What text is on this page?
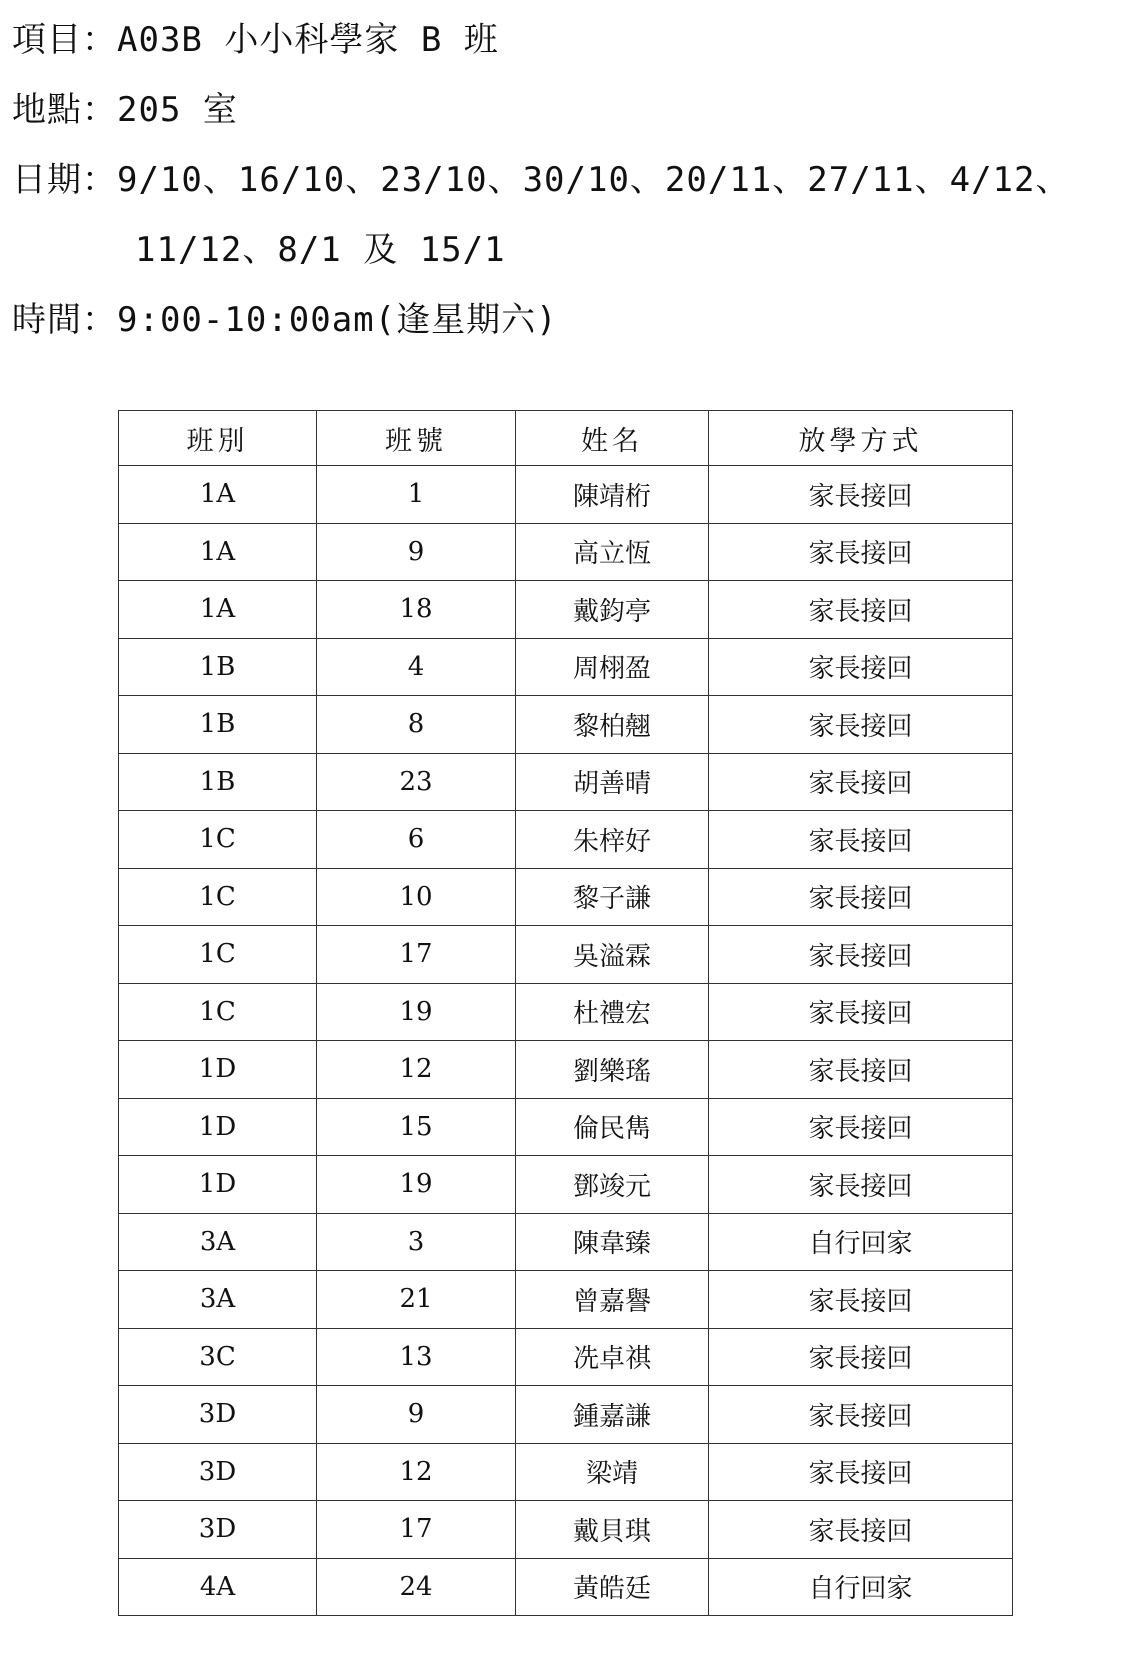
項目：A03B 小小科學家 B 班
地點：205 室
日期：9/10、16/10、23/10、30/10、20/11、27/11、4/12、
11/12、8/1 及 15/1
時間：9:00-10:00am(逢星期六)
班別	班號	姓名	放學方式
1A	1	陳靖桁	家長接回
1A	9	高立恆	家長接回
1A	18	戴鈞亭	家長接回
1B	4	周栩盈	家長接回
1B	8	黎柏翹	家長接回
1B	23	胡善晴	家長接回
1C	6	朱梓好	家長接回
1C	10	黎子謙	家長接回
1C	17	吳溢霖	家長接回
1C	19	杜禮宏	家長接回
1D	12	劉樂瑤	家長接回
1D	15	倫民雋	家長接回
1D	19	鄧竣元	家長接回
3A	3	陳韋臻	自行回家
3A	21	曾嘉譽	家長接回
3C	13	冼卓祺	家長接回
3D	9	鍾嘉謙	家長接回
3D	12	梁靖	家長接回
3D	17	戴貝琪	家長接回
4A	24	黃皓廷	自行回家
